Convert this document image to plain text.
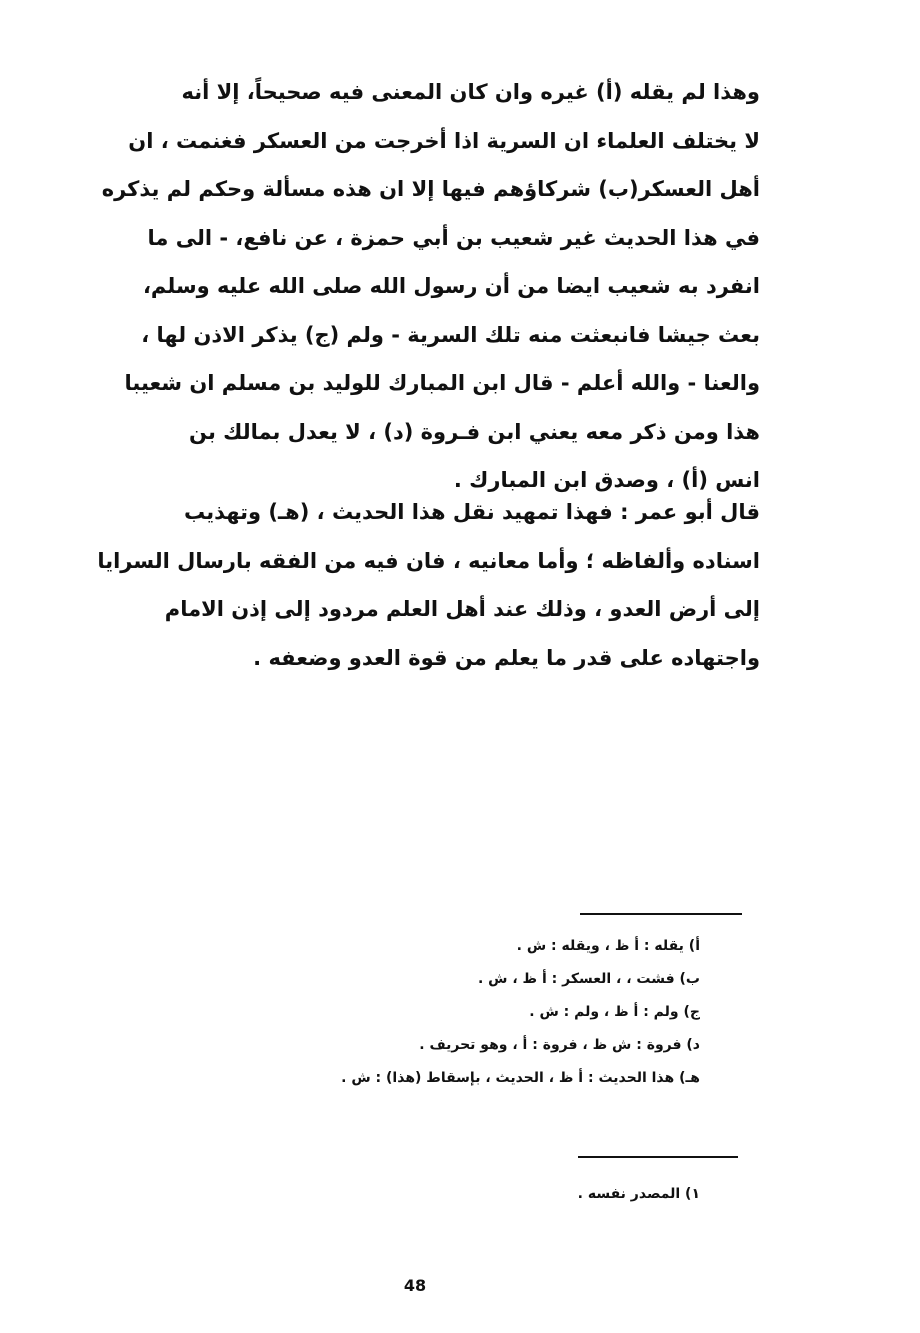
وهذا لم يقله (أ) غيره وان كان المعنى فيه صحيحاً، إلا أنه
لا يختلف العلماء ان السرية اذا أخرجت من العسكر فغنمت ، ان
أهل العسكر(ب) شركاؤهم فيها إلا ان هذه مسألة وحكم لم يذكره
في هذا الحديث غير شعيب بن أبي حمزة ، عن نافع، - الى ما
انفرد به شعيب ايضا من أن رسول الله صلى الله عليه وسلم،
بعث جيشا فانبعثت منه تلك السرية - ولم (ج) يذكر الاذن لها ،
والعنا - والله أعلم - قال ابن المبارك للوليد بن مسلم ان شعيبا
هذا ومن ذكر معه يعني ابن فـروة (د) ، لا يعدل بمالك بن
انس (أ) ، وصدق ابن المبارك .
قال أبو عمر : فهذا تمهيد نقل هذا الحديث ، (هـ) وتهذيب
اسناده وألفاظه ؛ وأما معانيه ، فان فيه من الفقه بارسال السرايا
إلى أرض العدو ، وذلك عند أهل العلم مردود إلى إذن الامام
واجتهاده على قدر ما يعلم من قوة العدو وضعفه .
أ) يقله : أ ظ ، ويقله : ش .
ب) فشت ، ، العسكر : أ ظ ، ش .
ج) ولم : أ ظ ، ولم : ش .
د) فروة : ش ظ ، فروة : أ ، وهو تحريف .
هـ) هذا الحديث : أ ظ ، الحديث ، بإسقاط (هذا) : ش .
١) المصدر نفسه .
48
